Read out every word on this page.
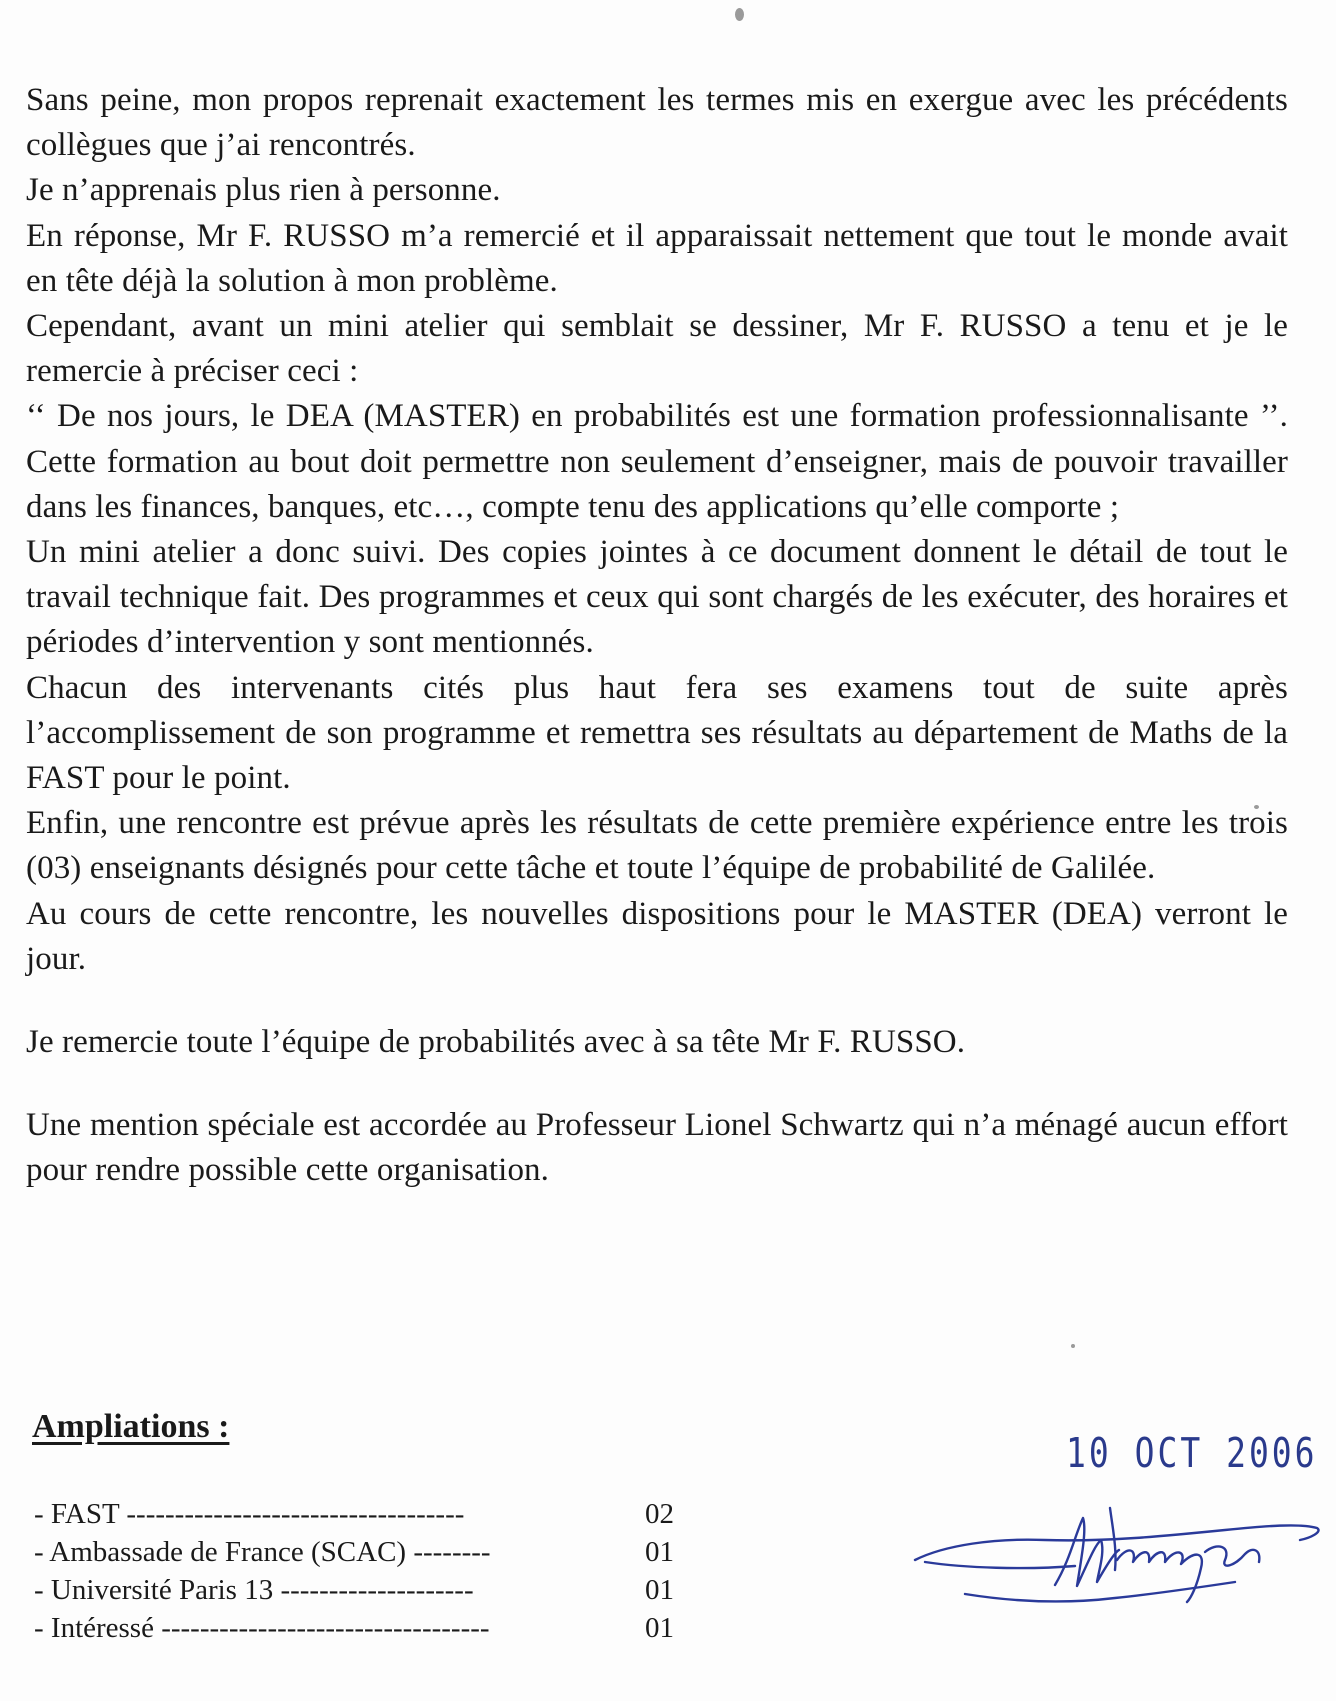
Sans peine, mon propos reprenait exactement les termes mis en exergue avec les précédents collègues que j’ai rencontrés.

Je n’apprenais plus rien à personne.

En réponse, Mr F. RUSSO m’a remercié et il apparaissait nettement que tout le monde avait en tête déjà la solution à mon problème.

Cependant, avant un mini atelier qui semblait se dessiner, Mr F. RUSSO a tenu et je le remercie à préciser ceci :

‘‘ De nos jours, le DEA (MASTER) en probabilités est une formation professionnalisante ’’. Cette formation au bout doit permettre non seulement d’enseigner, mais de pouvoir travailler dans les finances, banques, etc…, compte tenu des applications qu’elle comporte ;

Un mini atelier a donc suivi. Des copies jointes à ce document donnent le détail de tout le travail technique fait. Des programmes et ceux qui sont chargés de les exécuter, des horaires et périodes d’intervention y sont mentionnés.

Chacun des intervenants cités plus haut fera ses examens tout de suite après l’accomplissement de son programme et remettra ses résultats au département de Maths de la FAST pour le point.

Enfin, une rencontre est prévue après les résultats de cette première expérience entre les trois (03) enseignants désignés pour cette tâche et toute l’équipe de probabilité de Galilée.

Au cours de cette rencontre, les nouvelles dispositions pour le MASTER (DEA) verront le jour.

Je remercie toute l’équipe de probabilités avec à sa tête Mr F. RUSSO.

Une mention spéciale est accordée au Professeur Lionel Schwartz qui n’a ménagé aucun effort pour rendre possible cette organisation.

Ampliations :
- FAST -----------------------------------	02
- Ambassade de France (SCAC) --------	01
- Université Paris 13 --------------------	01
- Intéressé ----------------------------------	01
10 OCT 2006
